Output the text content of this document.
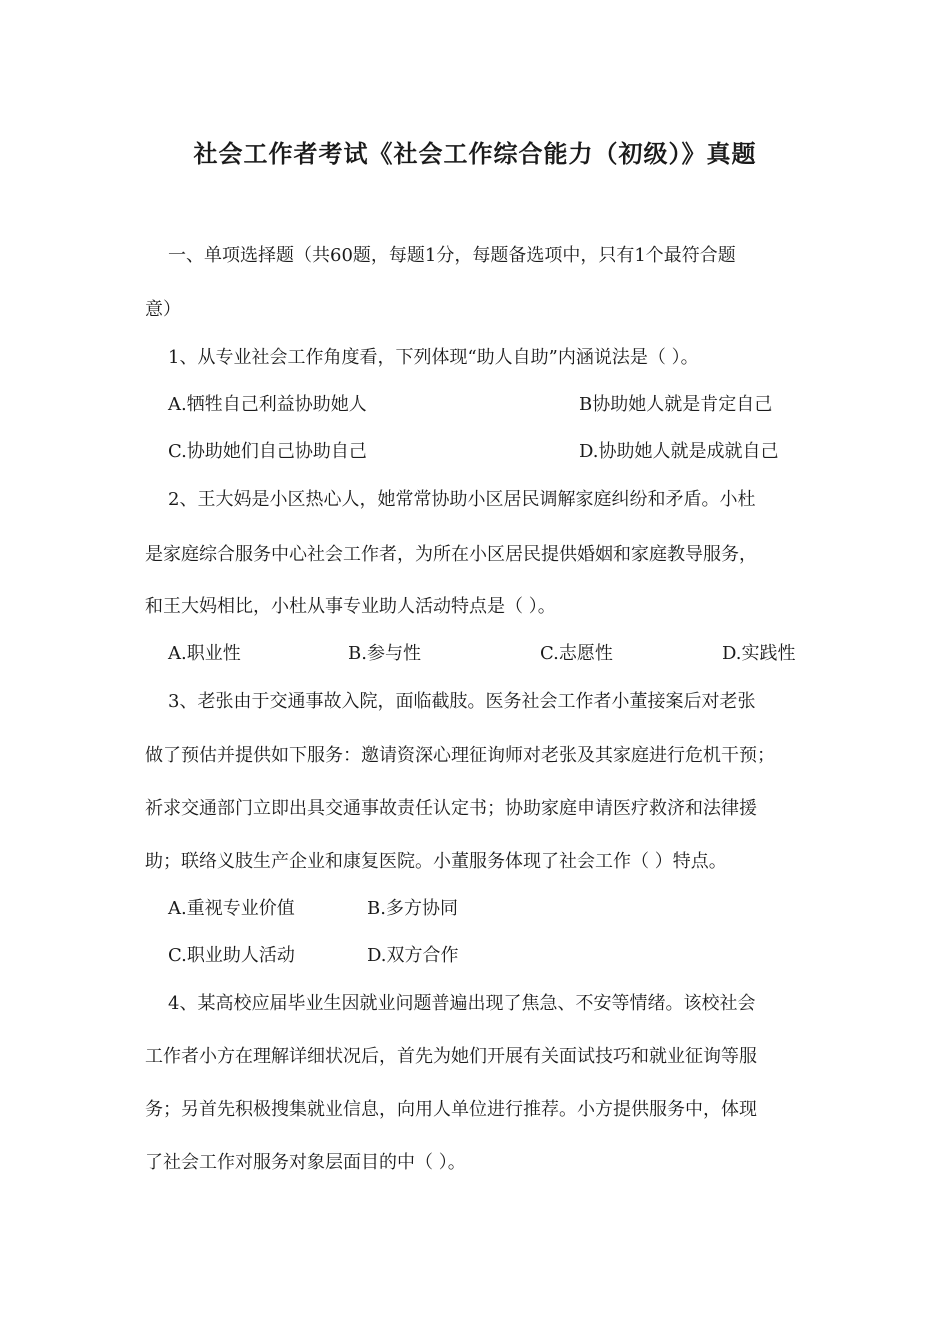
社会工作者考试《社会工作综合能力（初级）》真题
一、单项选择题（共60题，每题1分，每题备选项中，只有1个最符合题
意）
1、从专业社会工作角度看，下列体现“助人自助”内涵说法是（ ）。
A.牺牲自己利益协助她人	B协助她人就是肯定自己
C.协助她们自己协助自己	D.协助她人就是成就自己
2、王大妈是小区热心人，她常常协助小区居民调解家庭纠纷和矛盾。小杜
是家庭综合服务中心社会工作者，为所在小区居民提供婚姻和家庭教导服务，
和王大妈相比，小杜从事专业助人活动特点是（ ）。
A.职业性	B.参与性	C.志愿性	D.实践性
3、老张由于交通事故入院，面临截肢。医务社会工作者小董接案后对老张
做了预估并提供如下服务：邀请资深心理征询师对老张及其家庭进行危机干预；
祈求交通部门立即出具交通事故责任认定书；协助家庭申请医疗救济和法律援
助；联络义肢生产企业和康复医院。小董服务体现了社会工作（ ）特点。
A.重视专业价值	B.多方协同
C.职业助人活动	D.双方合作
4、某高校应届毕业生因就业问题普遍出现了焦急、不安等情绪。该校社会
工作者小方在理解详细状况后，首先为她们开展有关面试技巧和就业征询等服
务；另首先积极搜集就业信息，向用人单位进行推荐。小方提供服务中，体现
了社会工作对服务对象层面目的中（ ）。
